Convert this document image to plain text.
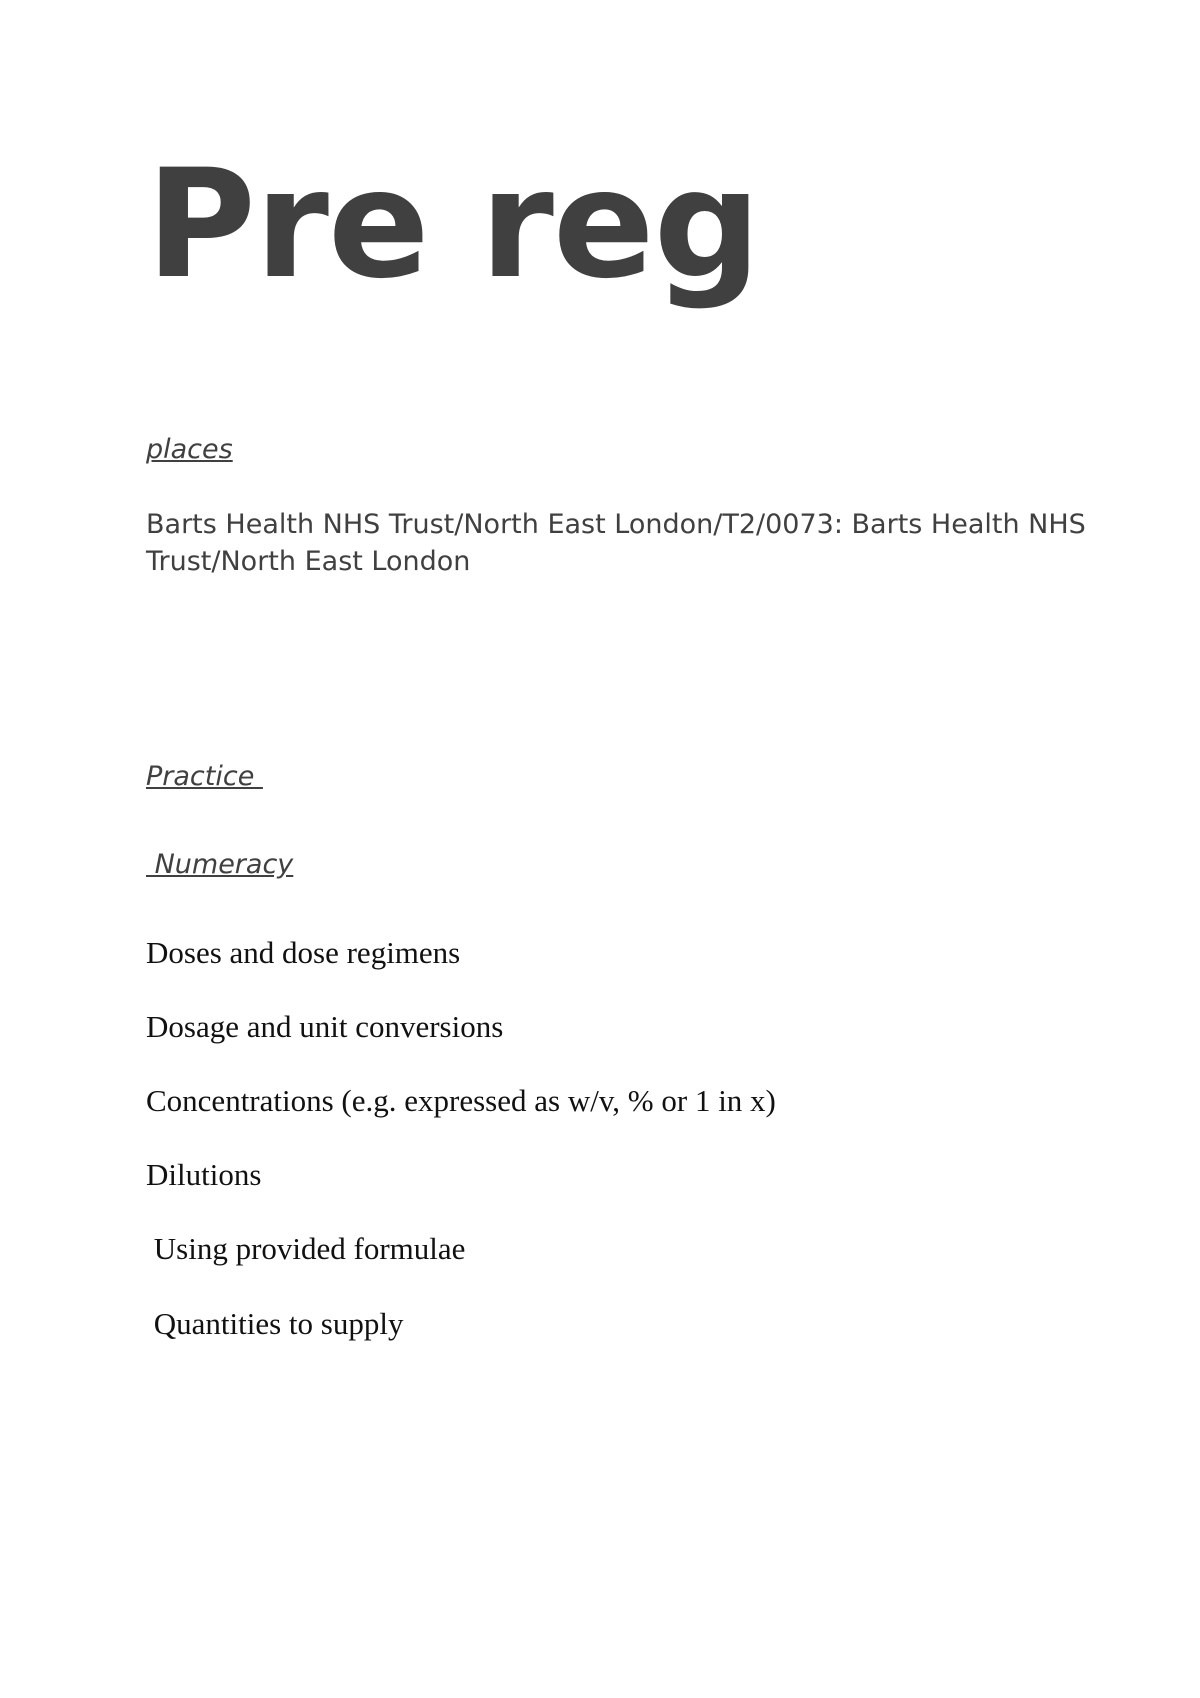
Pre reg

places

Barts Health NHS Trust/North East London/T2/0073: Barts Health NHS Trust/North East London

Practice

Numeracy

Doses and dose regimens

Dosage and unit conversions

Concentrations (e.g. expressed as w/v, % or 1 in x)

Dilutions

Using provided formulae

Quantities to supply
